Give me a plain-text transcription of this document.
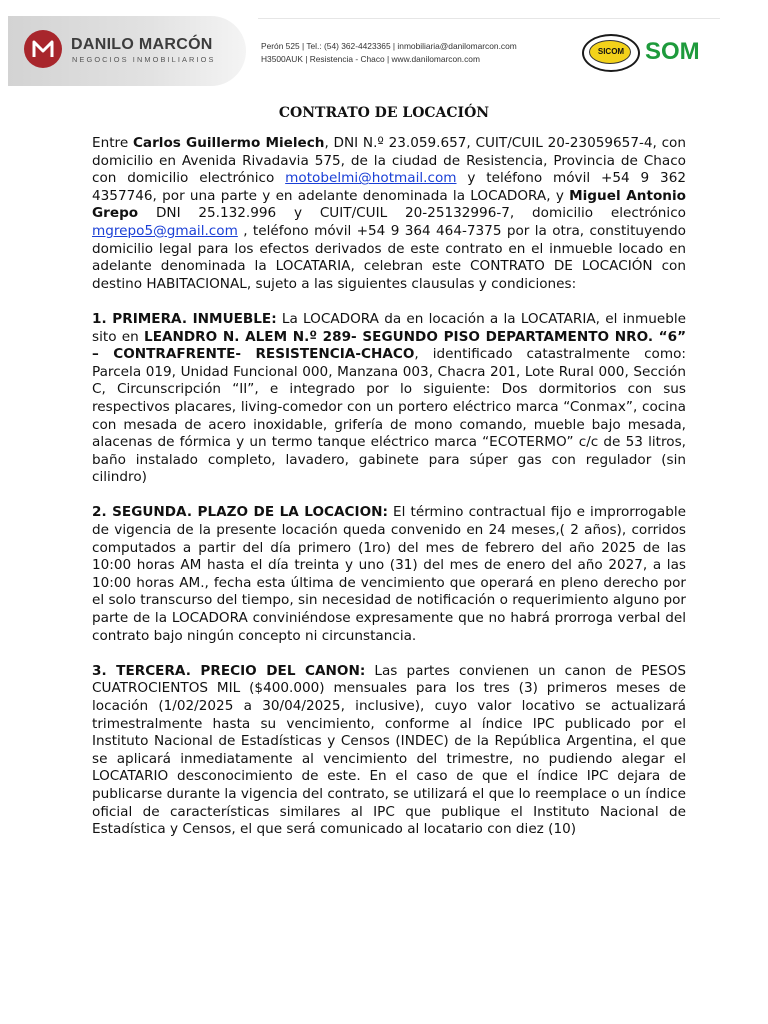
DANILO MARCÓN
NEGOCIOS INMOBILIARIOS
Perón 525 | Tel.: (54) 362-4423365 | inmobiliaria@danilomarcon.com
H3500AUK | Resistencia - Chaco | www.danilomarcon.com
SICOM SOM
CONTRATO DE LOCACIÓN

Entre Carlos Guillermo Mielech, DNI N.º 23.059.657, CUIT/CUIL 20-23059657-4, con domicilio en Avenida Rivadavia 575, de la ciudad de Resistencia, Provincia de Chaco con domicilio electrónico motobelmi@hotmail.com y teléfono móvil +54 9 362 4357746, por una parte y en adelante denominada la LOCADORA, y Miguel Antonio Grepo DNI 25.132.996 y CUIT/CUIL 20-25132996-7, domicilio electrónico mgrepo5@gmail.com , teléfono móvil +54 9 364 464-7375 por la otra, constituyendo domicilio legal para los efectos derivados de este contrato en el inmueble locado en adelante denominada la LOCATARIA, celebran este CONTRATO DE LOCACIÓN con destino HABITACIONAL, sujeto a las siguientes clausulas y condiciones:

1. PRIMERA. INMUEBLE: La LOCADORA da en locación a la LOCATARIA, el inmueble sito en LEANDRO N. ALEM N.º 289- SEGUNDO PISO DEPARTAMENTO NRO. “6” – CONTRAFRENTE- RESISTENCIA-CHACO, identificado catastralmente como: Parcela 019, Unidad Funcional 000, Manzana 003, Chacra 201, Lote Rural 000, Sección C, Circunscripción “II”, e integrado por lo siguiente: Dos dormitorios con sus respectivos placares, living-comedor con un portero eléctrico marca “Conmax”, cocina con mesada de acero inoxidable, grifería de mono comando, mueble bajo mesada, alacenas de fórmica y un termo tanque eléctrico marca “ECOTERMO” c/c de 53 litros, baño instalado completo, lavadero, gabinete para súper gas con regulador (sin cilindro)

2. SEGUNDA. PLAZO DE LA LOCACION: El término contractual fijo e improrrogable de vigencia de la presente locación queda convenido en 24 meses,( 2 años), corridos computados a partir del día primero (1ro) del mes de febrero del año 2025 de las 10:00 horas AM hasta el día treinta y uno (31) del mes de enero del año 2027, a las 10:00 horas AM., fecha esta última de vencimiento que operará en pleno derecho por el solo transcurso del tiempo, sin necesidad de notificación o requerimiento alguno por parte de la LOCADORA conviniéndose expresamente que no habrá prorroga verbal del contrato bajo ningún concepto ni circunstancia.

3. TERCERA. PRECIO DEL CANON: Las partes convienen un canon de PESOS CUATROCIENTOS MIL ($400.000) mensuales para los tres (3) primeros meses de locación (1/02/2025 a 30/04/2025, inclusive), cuyo valor locativo se actualizará trimestralmente hasta su vencimiento, conforme al índice IPC publicado por el Instituto Nacional de Estadísticas y Censos (INDEC) de la República Argentina, el que se aplicará inmediatamente al vencimiento del trimestre, no pudiendo alegar el LOCATARIO desconocimiento de este. En el caso de que el índice IPC dejara de publicarse durante la vigencia del contrato, se utilizará el que lo reemplace o un índice oficial de características similares al IPC que publique el Instituto Nacional de Estadística y Censos, el que será comunicado al locatario con diez (10)
